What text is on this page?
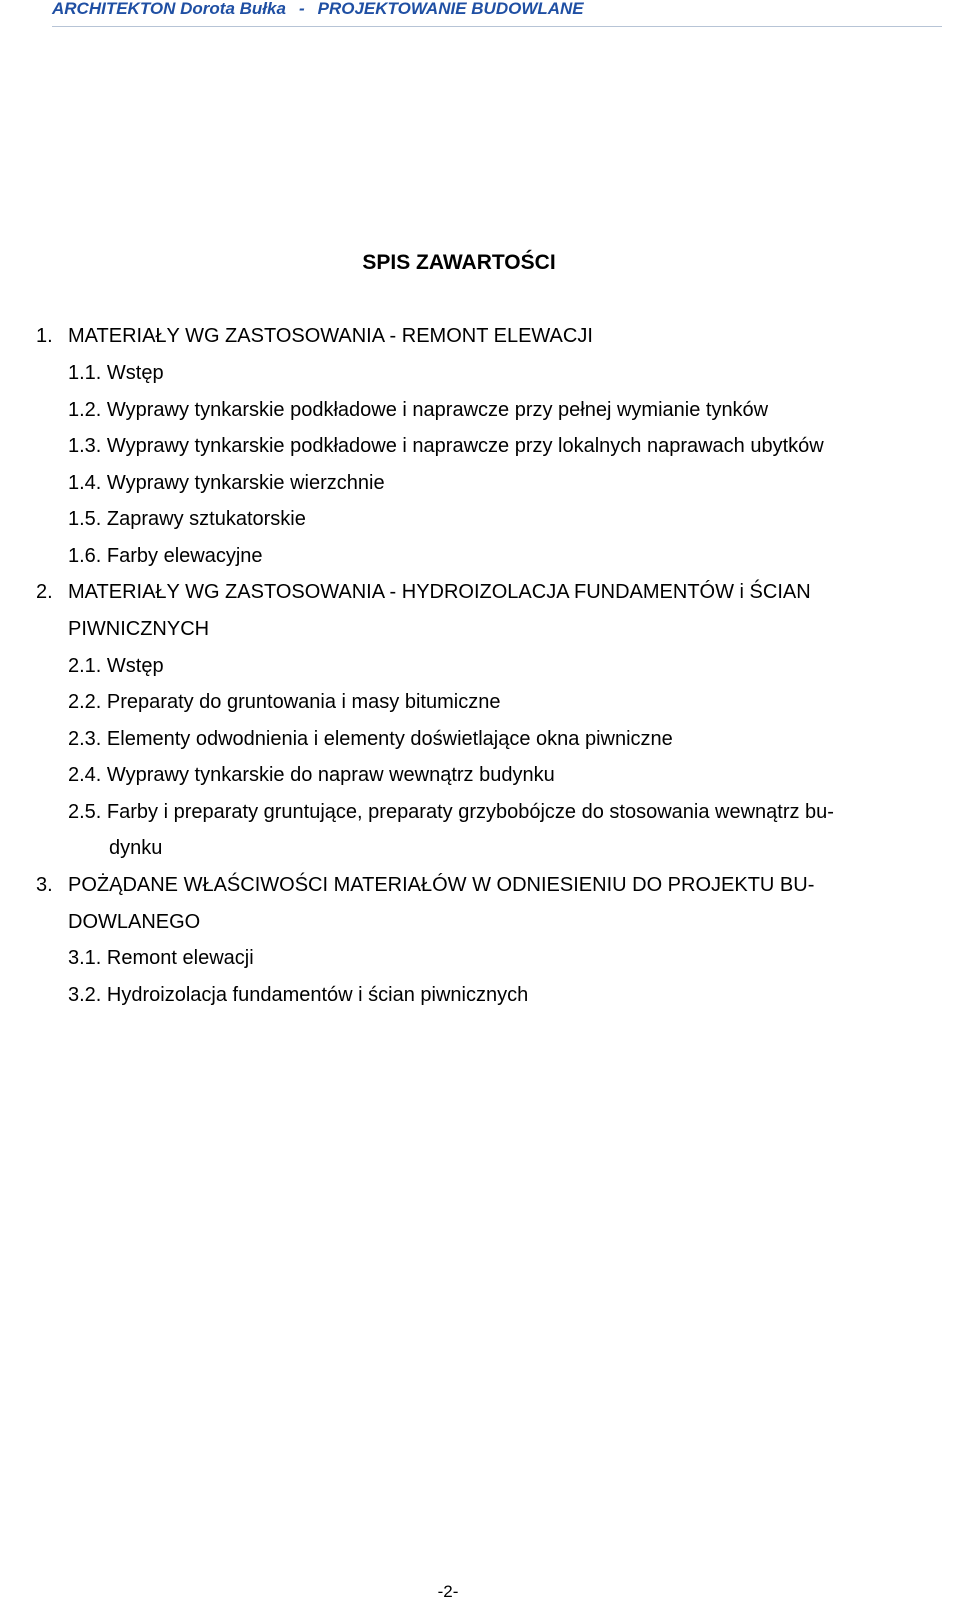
ARCHITEKTON Dorota Bułka - PROJEKTOWANIE BUDOWLANE
SPIS ZAWARTOŚCI
1. MATERIAŁY WG ZASTOSOWANIA - REMONT ELEWACJI
1.1. Wstęp
1.2. Wyprawy tynkarskie podkładowe i naprawcze przy pełnej wymianie tynków
1.3. Wyprawy tynkarskie podkładowe i naprawcze przy lokalnych naprawach ubytków
1.4. Wyprawy tynkarskie wierzchnie
1.5. Zaprawy sztukatorskie
1.6. Farby elewacyjne
2. MATERIAŁY WG ZASTOSOWANIA - HYDROIZOLACJA FUNDAMENTÓW i ŚCIAN
PIWNICZNYCH
2.1. Wstęp
2.2. Preparaty do gruntowania i masy bitumiczne
2.3. Elementy odwodnienia i elementy doświetlające okna piwniczne
2.4. Wyprawy tynkarskie do napraw wewnątrz budynku
2.5. Farby i preparaty gruntujące, preparaty grzybobójcze do stosowania wewnątrz bu-
dynku
3. POŻĄDANE WŁAŚCIWOŚCI MATERIAŁÓW W ODNIESIENIU DO PROJEKTU BU-
DOWLANEGO
3.1. Remont elewacji
3.2. Hydroizolacja fundamentów i ścian piwnicznych
-2-
